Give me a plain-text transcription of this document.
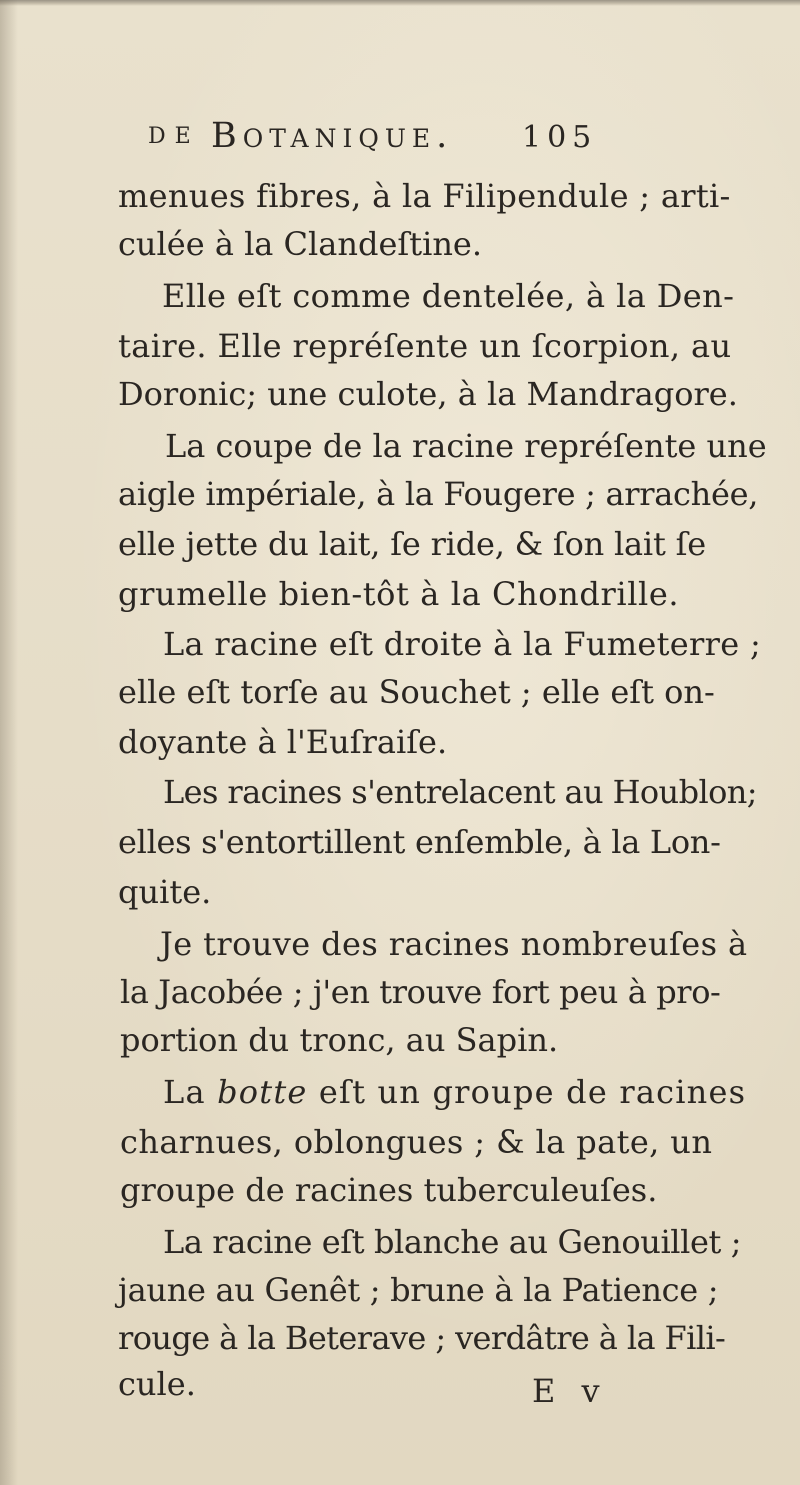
DE Botanique. 105
menues fibres, à la Filipendule ; arti-
culée à la Clandeſtine.
Elle eſt comme dentelée, à la Den-
taire. Elle repréſente un ſcorpion, au
Doronic; une culote, à la Mandragore.
La coupe de la racine repréſente une
aigle impériale, à la Fougere ; arrachée,
elle jette du lait, ſe ride, & ſon lait ſe
grumelle bien-tôt à la Chondrille.
La racine eſt droite à la Fumeterre ;
elle eſt torſe au Souchet ; elle eſt on-
doyante à l'Euſraiſe.
Les racines s'entrelacent au Houblon;
elles s'entortillent enſemble, à la Lon-
quite.
Je trouve des racines nombreuſes à
la Jacobée ; j'en trouve fort peu à pro-
portion du tronc, au Sapin.
La botte eſt un groupe de racines
charnues, oblongues ; & la pate, un
groupe de racines tuberculeuſes.
La racine eſt blanche au Genouillet ;
jaune au Genêt ; brune à la Patience ;
rouge à la Beterave ; verdâtre à la Fili-
cule.	E v
